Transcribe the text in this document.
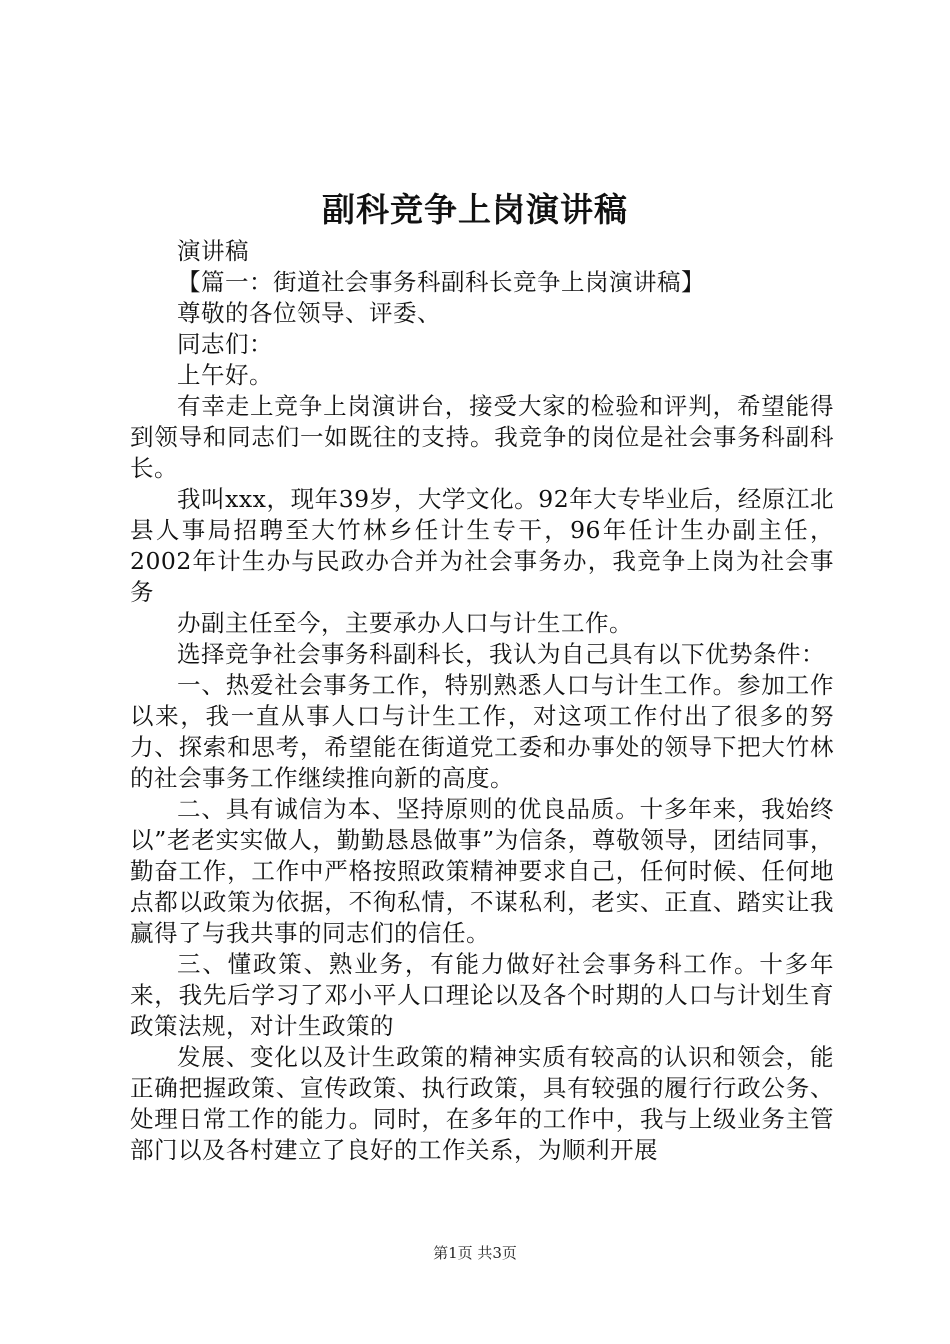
副科竞争上岗演讲稿

演讲稿

【篇一：街道社会事务科副科长竞争上岗演讲稿】

尊敬的各位领导、评委、

同志们：

上午好。

有幸走上竞争上岗演讲台，接受大家的检验和评判，希望能得到领导和同志们一如既往的支持。我竞争的岗位是社会事务科副科长。

我叫xxx，现年39岁，大学文化。92年大专毕业后，经原江北县人事局招聘至大竹林乡任计生专干，96年任计生办副主任，2002年计生办与民政办合并为社会事务办，我竞争上岗为社会事务

办副主任至今，主要承办人口与计生工作。

选择竞争社会事务科副科长，我认为自己具有以下优势条件：

一、热爱社会事务工作，特别熟悉人口与计生工作。参加工作以来，我一直从事人口与计生工作，对这项工作付出了很多的努力、探索和思考，希望能在街道党工委和办事处的领导下把大竹林的社会事务工作继续推向新的高度。

二、具有诚信为本、坚持原则的优良品质。十多年来，我始终以”老老实实做人，勤勤恳恳做事”为信条，尊敬领导，团结同事，勤奋工作，工作中严格按照政策精神要求自己，任何时候、任何地点都以政策为依据，不徇私情，不谋私利，老实、正直、踏实让我赢得了与我共事的同志们的信任。

三、懂政策、熟业务，有能力做好社会事务科工作。十多年来，我先后学习了邓小平人口理论以及各个时期的人口与计划生育政策法规，对计生政策的

发展、变化以及计生政策的精神实质有较高的认识和领会，能正确把握政策、宣传政策、执行政策，具有较强的履行行政公务、处理日常工作的能力。同时，在多年的工作中，我与上级业务主管部门以及各村建立了良好的工作关系，为顺利开展

第1页 共3页
